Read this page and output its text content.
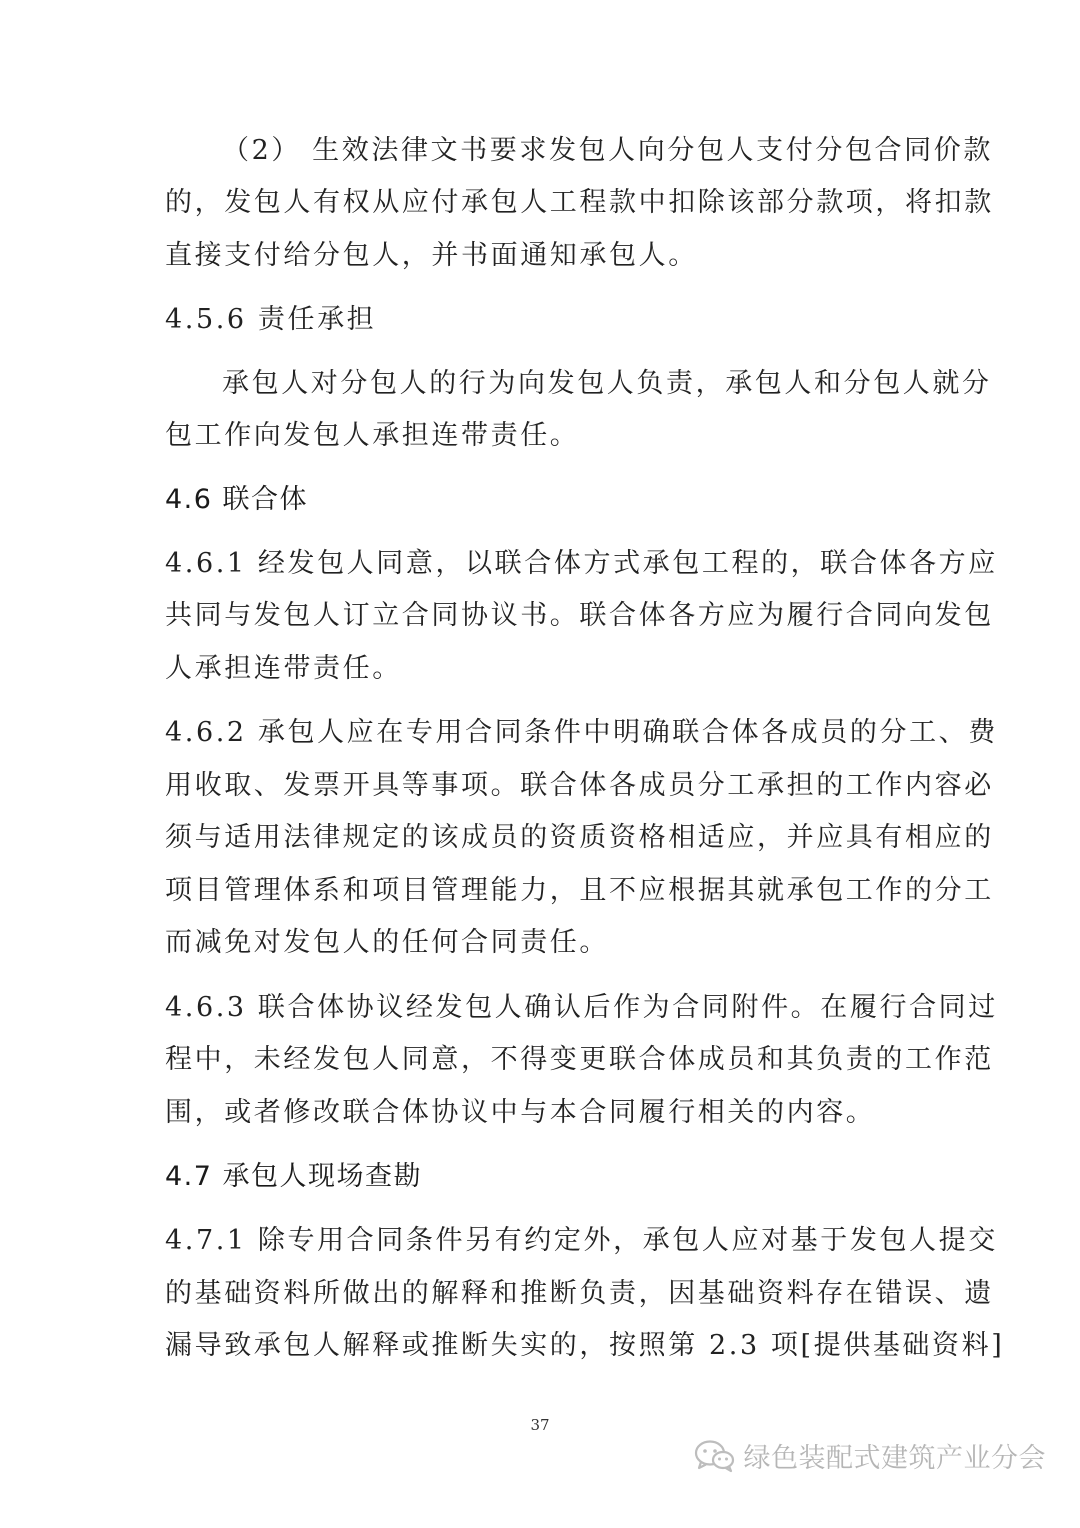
（2） 生效法律文书要求发包人向分包人支付分包合同价款
的，发包人有权从应付承包人工程款中扣除该部分款项，将扣款
直接支付给分包人，并书面通知承包人。
4.5.6 责任承担
承包人对分包人的行为向发包人负责，承包人和分包人就分
包工作向发包人承担连带责任。
4.6 联合体
4.6.1 经发包人同意，以联合体方式承包工程的，联合体各方应
共同与发包人订立合同协议书。联合体各方应为履行合同向发包
人承担连带责任。
4.6.2 承包人应在专用合同条件中明确联合体各成员的分工、费
用收取、发票开具等事项。联合体各成员分工承担的工作内容必
须与适用法律规定的该成员的资质资格相适应，并应具有相应的
项目管理体系和项目管理能力，且不应根据其就承包工作的分工
而减免对发包人的任何合同责任。
4.6.3 联合体协议经发包人确认后作为合同附件。在履行合同过
程中，未经发包人同意，不得变更联合体成员和其负责的工作范
围，或者修改联合体协议中与本合同履行相关的内容。
4.7 承包人现场查勘
4.7.1 除专用合同条件另有约定外，承包人应对基于发包人提交
的基础资料所做出的解释和推断负责，因基础资料存在错误、遗
漏导致承包人解释或推断失实的，按照第 2.3 项[提供基础资料]
37
绿色装配式建筑产业分会
